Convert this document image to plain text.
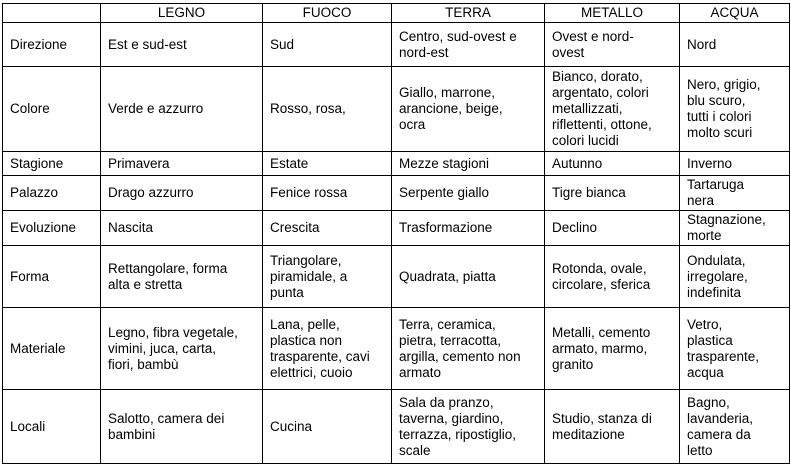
	LEGNO	FUOCO	TERRA	METALLO	ACQUA

Direzione	Est e sud-est	Sud	Centro, sud-ovest e
nord-est	Ovest e nord-
ovest	Nord

Colore	Verde e azzurro	Rosso, rosa,	Giallo, marrone,
arancione, beige,
ocra	Bianco, dorato,
argentato, colori
metallizzati,
riflettenti, ottone,
colori lucidi	Nero, grigio,
blu scuro,
tutti i colori
molto scuri

Stagione	Primavera	Estate	Mezze stagioni	Autunno	Inverno

Palazzo	Drago azzurro	Fenice rossa	Serpente giallo	Tigre bianca	Tartaruga
nera

Evoluzione	Nascita	Crescita	Trasformazione	Declino	Stagnazione,
morte

Forma	Rettangolare, forma
alta e stretta	Triangolare,
piramidale, a
punta	Quadrata, piatta	Rotonda, ovale,
circolare, sferica	Ondulata,
irregolare,
indefinita

Materiale	Legno, fibra vegetale,
vimini, juca, carta,
fiori, bambù	Lana, pelle,
plastica non
trasparente, cavi
elettrici, cuoio	Terra, ceramica,
pietra, terracotta,
argilla, cemento non
armato	Metalli, cemento
armato, marmo,
granito	Vetro,
plastica
trasparente,
acqua

Locali	Salotto, camera dei
bambini	Cucina	Sala da pranzo,
taverna, giardino,
terrazza, ripostiglio,
scale	Studio, stanza di
meditazione	Bagno,
lavanderia,
camera da
letto
